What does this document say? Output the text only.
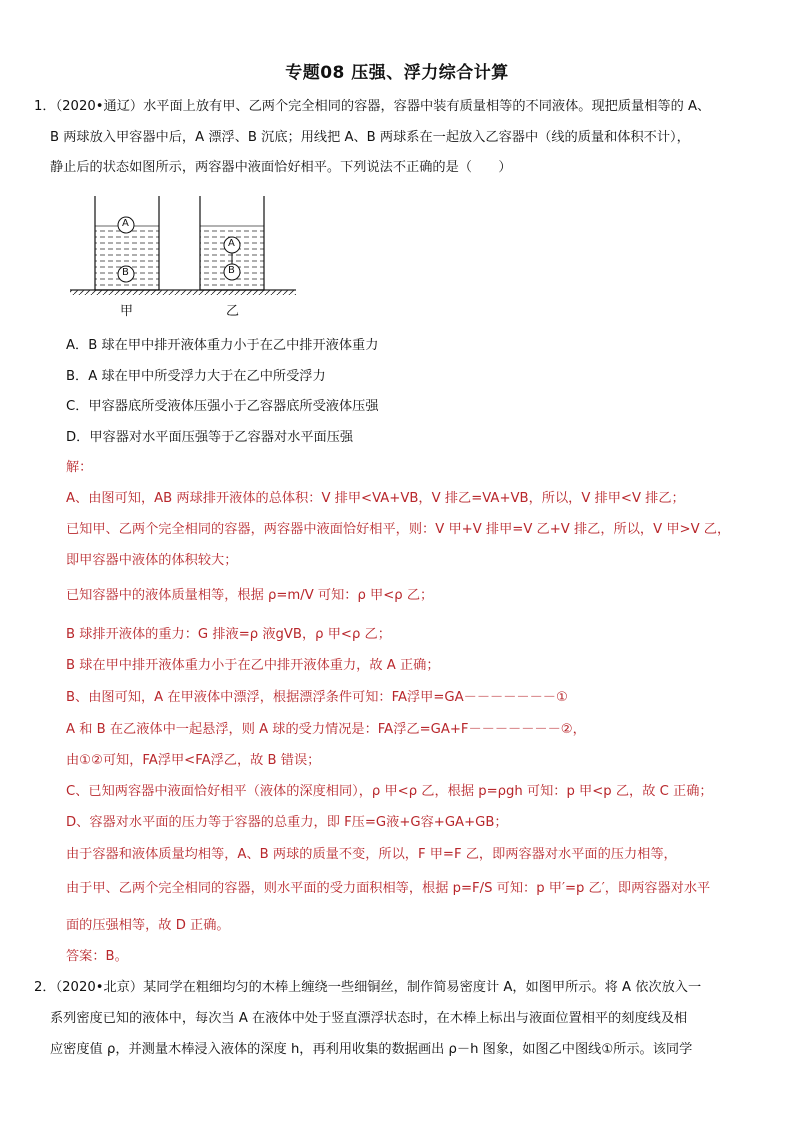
专题08 压强、浮力综合计算
1．（2020•通辽）水平面上放有甲、乙两个完全相同的容器，容器中装有质量相等的不同液体。现把质量相等的 A、
B 两球放入甲容器中后，A 漂浮、B 沉底；用线把 A、B 两球系在一起放入乙容器中（线的质量和体积不计），
静止后的状态如图所示，两容器中液面恰好相平。下列说法不正确的是（　　）
A
B
A
B
甲	乙
A．B 球在甲中排开液体重力小于在乙中排开液体重力
B．A 球在甲中所受浮力大于在乙中所受浮力
C．甲容器底所受液体压强小于乙容器底所受液体压强
D．甲容器对水平面压强等于乙容器对水平面压强
解：
A、由图可知，AB 两球排开液体的总体积：V 排甲<VA+VB，V 排乙=VA+VB，所以，V 排甲<V 排乙；
已知甲、乙两个完全相同的容器，两容器中液面恰好相平，则：V 甲+V 排甲=V 乙+V 排乙，所以，V 甲>V 乙，
即甲容器中液体的体积较大；
已知容器中的液体质量相等，根据 ρ=m/V 可知：ρ 甲<ρ 乙；
B 球排开液体的重力：G 排液=ρ 液gVB，ρ 甲<ρ 乙；
B 球在甲中排开液体重力小于在乙中排开液体重力，故 A 正确；
B、由图可知，A 在甲液体中漂浮，根据漂浮条件可知：FA浮甲=GA－－－－－－－①
A 和 B 在乙液体中一起悬浮，则 A 球的受力情况是：FA浮乙=GA+F－－－－－－－②，
由①②可知，FA浮甲<FA浮乙，故 B 错误；
C、已知两容器中液面恰好相平（液体的深度相同），ρ 甲<ρ 乙，根据 p=ρgh 可知：p 甲<p 乙，故 C 正确；
D、容器对水平面的压力等于容器的总重力，即 F压=G液+G容+GA+GB；
由于容器和液体质量均相等，A、B 两球的质量不变，所以，F 甲=F 乙，即两容器对水平面的压力相等，
由于甲、乙两个完全相同的容器，则水平面的受力面积相等，根据 p=F/S 可知：p 甲′=p 乙′，即两容器对水平
面的压强相等，故 D 正确。
答案：B。
2．（2020•北京）某同学在粗细均匀的木棒上缠绕一些细铜丝，制作简易密度计 A，如图甲所示。将 A 依次放入一
系列密度已知的液体中，每次当 A 在液体中处于竖直漂浮状态时，在木棒上标出与液面位置相平的刻度线及相
应密度值 ρ，并测量木棒浸入液体的深度 h，再利用收集的数据画出 ρ－h 图象，如图乙中图线①所示。该同学
